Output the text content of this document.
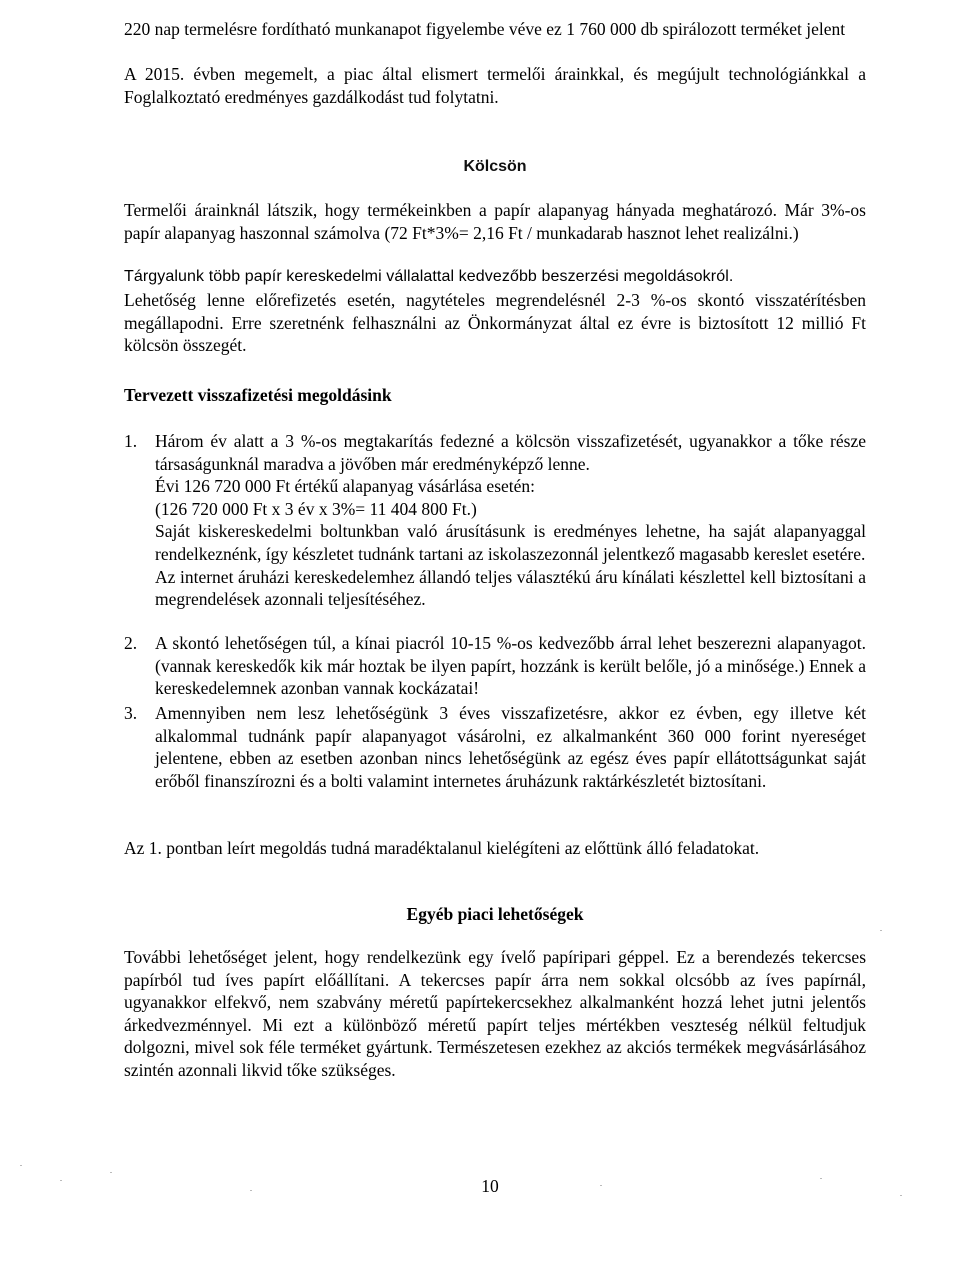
220 nap termelésre fordítható munkanapot figyelembe véve ez 1 760 000 db spirálozott terméket jelent

A 2015. évben megemelt, a piac által elismert termelői árainkkal, és megújult technológiánkkal a Foglalkoztató eredményes gazdálkodást tud folytatni.

Kölcsön

Termelői árainknál látszik, hogy termékeinkben a papír alapanyag hányada meghatározó. Már 3%-os papír alapanyag haszonnal számolva (72 Ft*3%= 2,16 Ft / munkadarab hasznot lehet realizálni.)

Tárgyalunk több papír kereskedelmi vállalattal kedvezőbb beszerzési megoldásokról.

Lehetőség lenne előrefizetés esetén, nagytételes megrendelésnél 2-3 %-os skontó visszatérítésben megállapodni. Erre szeretnénk felhasználni az Önkormányzat által ez évre is biztosított 12 millió Ft kölcsön összegét.

Tervezett visszafizetési megoldásink
1.	Három év alatt a 3 %-os megtakarítás fedezné a kölcsön visszafizetését, ugyanakkor a tőke része társaságunknál maradva a jövőben már eredményképző lenne.

Évi 126 720 000 Ft értékű alapanyag vásárlása esetén:

(126 720 000 Ft x 3 év x 3%= 11 404 800 Ft.)

Saját kiskereskedelmi boltunkban való árusításunk is eredményes lehetne, ha saját alapanyaggal rendelkeznénk, így készletet tudnánk tartani az iskolaszezonnál jelentkező magasabb kereslet esetére.

Az internet áruházi kereskedelemhez állandó teljes választékú áru kínálati készlettel kell biztosítani a megrendelések azonnali teljesítéséhez.

2.	A skontó lehetőségen túl, a kínai piacról 10-15 %-os kedvezőbb árral lehet beszerezni alapanyagot. (vannak kereskedők kik már hoztak be ilyen papírt, hozzánk is került belőle, jó a minősége.) Ennek a kereskedelemnek azonban vannak kockázatai!

3.	Amennyiben nem lesz lehetőségünk 3 éves visszafizetésre, akkor ez évben, egy illetve két alkalommal tudnánk papír alapanyagot vásárolni, ez alkalmanként 360 000 forint nyereséget jelentene, ebben az esetben azonban nincs lehetőségünk az egész éves papír ellátottságunkat saját erőből finanszírozni és a bolti valamint internetes áruházunk raktárkészletét biztosítani.

Az 1. pontban leírt megoldás tudná maradéktalanul kielégíteni az előttünk álló feladatokat.

Egyéb piaci lehetőségek

További lehetőséget jelent, hogy rendelkezünk egy ívelő papíripari géppel. Ez a berendezés tekercses papírból tud íves papírt előállítani. A tekercses papír árra nem sokkal olcsóbb az íves papírnál, ugyanakkor elfekvő, nem szabvány méretű papírtekercsekhez alkalmanként hozzá lehet jutni jelentős árkedvezménnyel. Mi ezt a különböző méretű papírt teljes mértékben veszteség nélkül feltudjuk dolgozni, mivel sok féle terméket gyártunk. Természetesen ezekhez az akciós termékek megvásárlásához szintén azonnali likvid tőke szükséges.

10
